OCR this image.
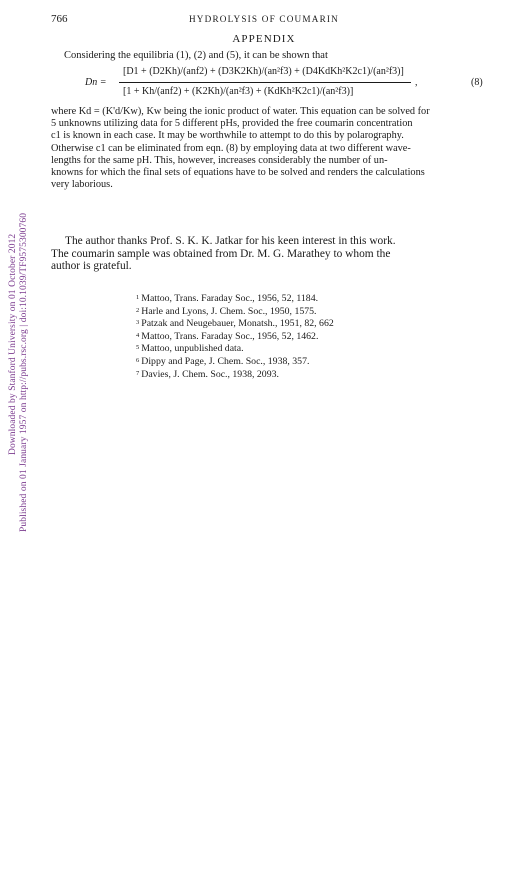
Downloaded by Stanford University on 01 October 2012 Published on 01 January 1957 on http://pubs.rsc.org | doi:10.1039/TF9575300760
766	HYDROLYSIS OF COUMARIN
APPENDIX
Considering the equilibria (1), (2) and (5), it can be shown that
Dn =
[D1 + (D2Kh)/(anf2) + (D3K2Kh)/(an²f3) + (D4KdKh²K2c1)/(an²f3)]
[1 + Kh/(anf2) + (K2Kh)/(an²f3) + (KdKh²K2c1)/(an²f3)]
,	(8)
where Kd = (K'd/Kw), Kw being the ionic product of water. This equation can be solved for
5 unknowns utilizing data for 5 different pHs, provided the free coumarin concentration
c1 is known in each case. It may be worthwhile to attempt to do this by polarography.
Otherwise c1 can be eliminated from eqn. (8) by employing data at two different wave-
lengths for the same pH. This, however, increases considerably the number of un-
knowns for which the final sets of equations have to be solved and renders the calculations
very laborious.
The author thanks Prof. S. K. K. Jatkar for his keen interest in this work.
The coumarin sample was obtained from Dr. M. G. Marathey to whom the
author is grateful.
$^1$ Mattoo, Trans. Faraday Soc., 1956, 52, 1184.
$^2$ Harle and Lyons, J. Chem. Soc., 1950, 1575.
$^3$ Patzak and Neugebauer, Monatsh., 1951, 82, 662
$^4$ Mattoo, Trans. Faraday Soc., 1956, 52, 1462.
$^5$ Mattoo, unpublished data.
$^6$ Dippy and Page, J. Chem. Soc., 1938, 357.
$^7$ Davies, J. Chem. Soc., 1938, 2093.
